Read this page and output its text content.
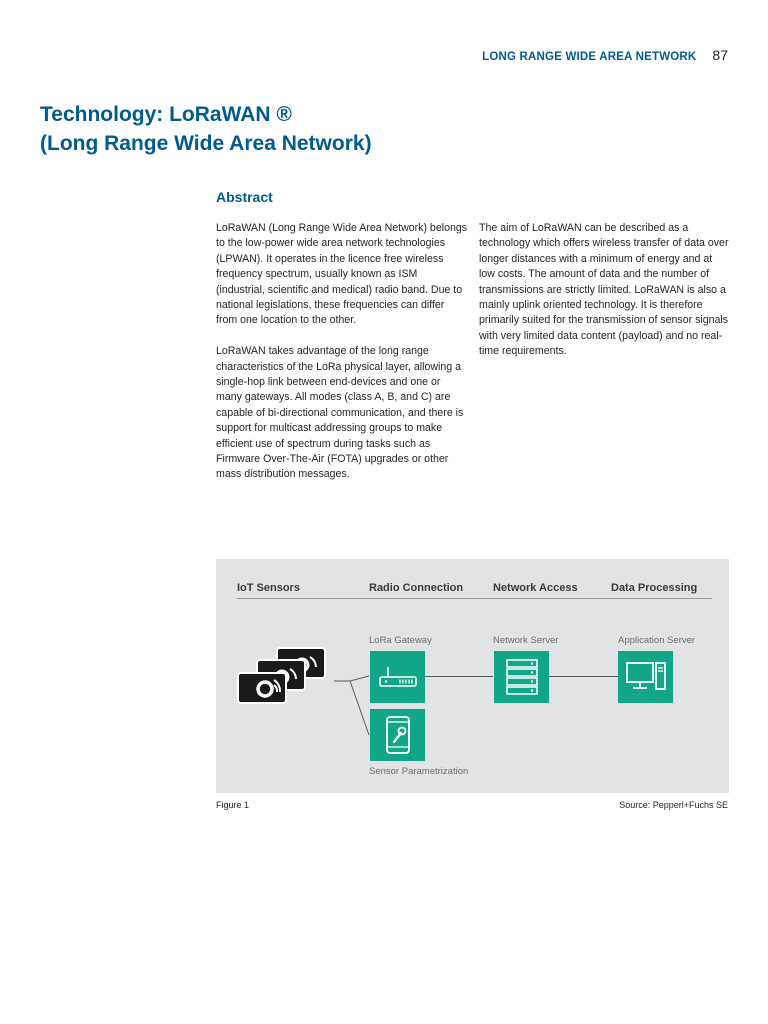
LONG RANGE WIDE AREA NETWORK 87
Technology: LoRaWAN ®
(Long Range Wide Area Network)
Abstract

LoRaWAN (Long Range Wide Area Network) belongs to the low-power wide area network technologies (LPWAN). It operates in the licence free wireless frequency spectrum, usually known as ISM (industrial, scientific and medical) radio band. Due to national legislations, these frequencies can differ from one location to the other.

LoRaWAN takes advantage of the long range characteristics of the LoRa physical layer, allowing a single-hop link between end-devices and one or many gateways. All modes (class A, B, and C) are capable of bi-directional communication, and there is support for multicast addressing groups to make efficient use of spectrum during tasks such as Firmware Over-The-Air (FOTA) upgrades or other mass distribution messages.

The aim of LoRaWAN can be described as a technology which offers wireless transfer of data over longer distances with a minimum of energy and at low costs. The amount of data and the number of transmissions are strictly limited. LoRaWAN is also a mainly uplink oriented technology. It is therefore primarily suited for the transmission of sensor signals with very limited data content (payload) and no real-time requirements.

IoT Sensors	Radio Connection	Network Access	Data Processing
LoRa Gateway	Network Server	Application Server
Sensor Parametrization
Figure 1	Source: Pepperl+Fuchs SE
